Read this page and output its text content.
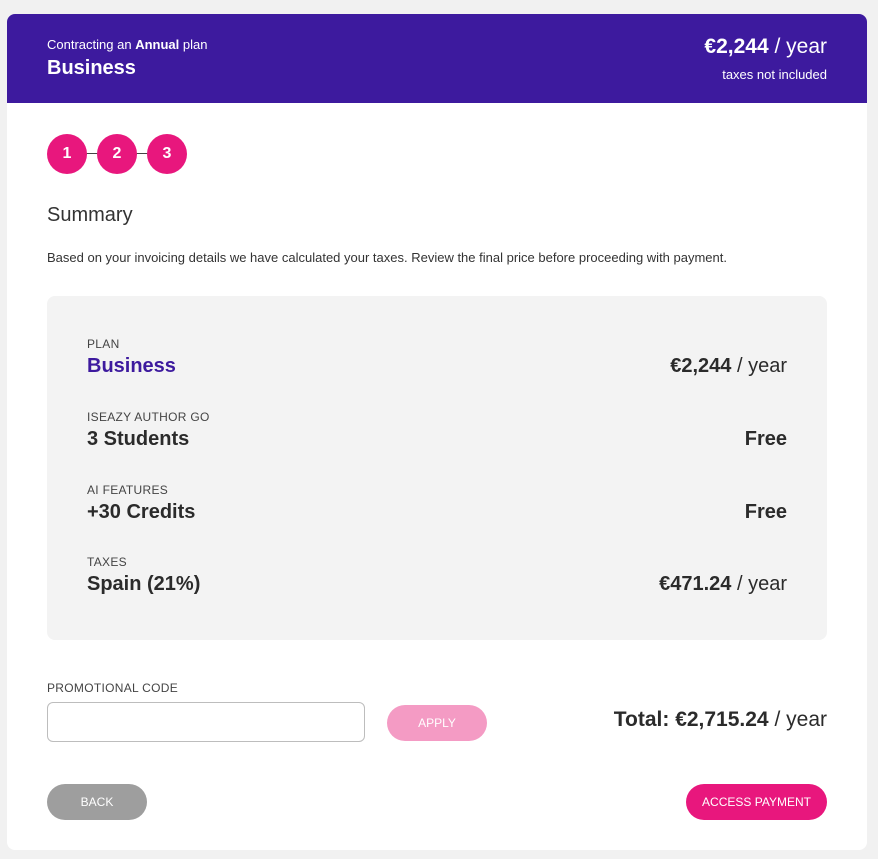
Contracting an Annual plan
Business
€2,244 / year
taxes not included
1	2	3
Summary
Based on your invoicing details we have calculated your taxes. Review the final price before proceeding with payment.
PLAN
Business	€2,244 / year
ISEAZY AUTHOR GO
3 Students	Free
AI FEATURES
+30 Credits	Free
TAXES
Spain (21%)	€471.24 / year
PROMOTIONAL CODE
APPLY	Total: €2,715.24 / year
BACK	ACCESS PAYMENT
